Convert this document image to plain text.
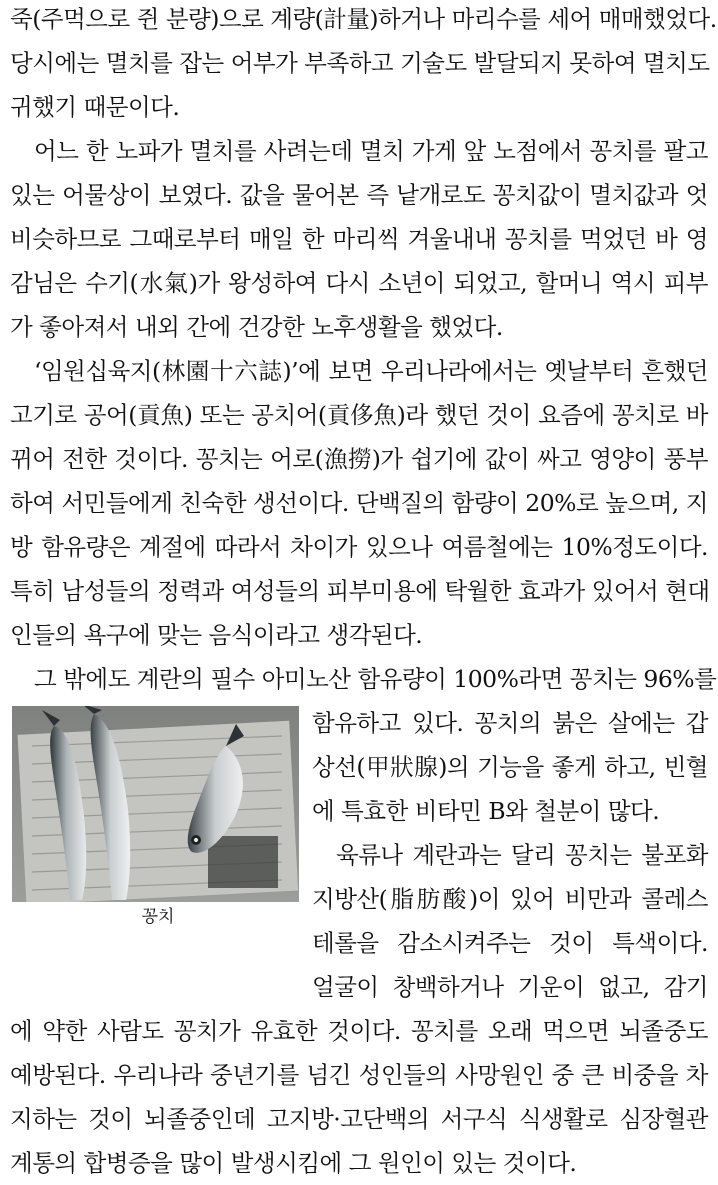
죽(주먹으로 쥔 분량)으로 계량(計量)하거나 마리수를 세어 매매했었다.
당시에는 멸치를 잡는 어부가 부족하고 기술도 발달되지 못하여 멸치도
귀했기 때문이다.
어느 한 노파가 멸치를 사려는데 멸치 가게 앞 노점에서 꽁치를 팔고
있는 어물상이 보였다. 값을 물어본 즉 낱개로도 꽁치값이 멸치값과 엇
비슷하므로 그때로부터 매일 한 마리씩 겨울내내 꽁치를 먹었던 바 영
감님은 수기(水氣)가 왕성하여 다시 소년이 되었고, 할머니 역시 피부
가 좋아져서 내외 간에 건강한 노후생활을 했었다.
‘임원십육지(林園十六誌)’에 보면 우리나라에서는 옛날부터 흔했던
고기로 공어(貢魚) 또는 공치어(貢侈魚)라 했던 것이 요즘에 꽁치로 바
뀌어 전한 것이다. 꽁치는 어로(漁撈)가 쉽기에 값이 싸고 영양이 풍부
하여 서민들에게 친숙한 생선이다. 단백질의 함량이 20%로 높으며, 지
방 함유량은 계절에 따라서 차이가 있으나 여름철에는 10%정도이다.
특히 남성들의 정력과 여성들의 피부미용에 탁월한 효과가 있어서 현대
인들의 욕구에 맞는 음식이라고 생각된다.
그 밖에도 계란의 필수 아미노산 함유량이 100%라면 꽁치는 96%를
함유하고 있다. 꽁치의 붉은 살에는 갑
상선(甲狀腺)의 기능을 좋게 하고, 빈혈
에 특효한 비타민 B와 철분이 많다.
육류나 계란과는 달리 꽁치는 불포화
지방산(脂肪酸)이 있어 비만과 콜레스
테롤을 감소시켜주는 것이 특색이다.
얼굴이 창백하거나 기운이 없고, 감기
에 약한 사람도 꽁치가 유효한 것이다. 꽁치를 오래 먹으면 뇌졸중도
예방된다. 우리나라 중년기를 넘긴 성인들의 사망원인 중 큰 비중을 차
지하는 것이 뇌졸중인데 고지방·고단백의 서구식 식생활로 심장혈관
계통의 합병증을 많이 발생시킴에 그 원인이 있는 것이다.
꽁치
